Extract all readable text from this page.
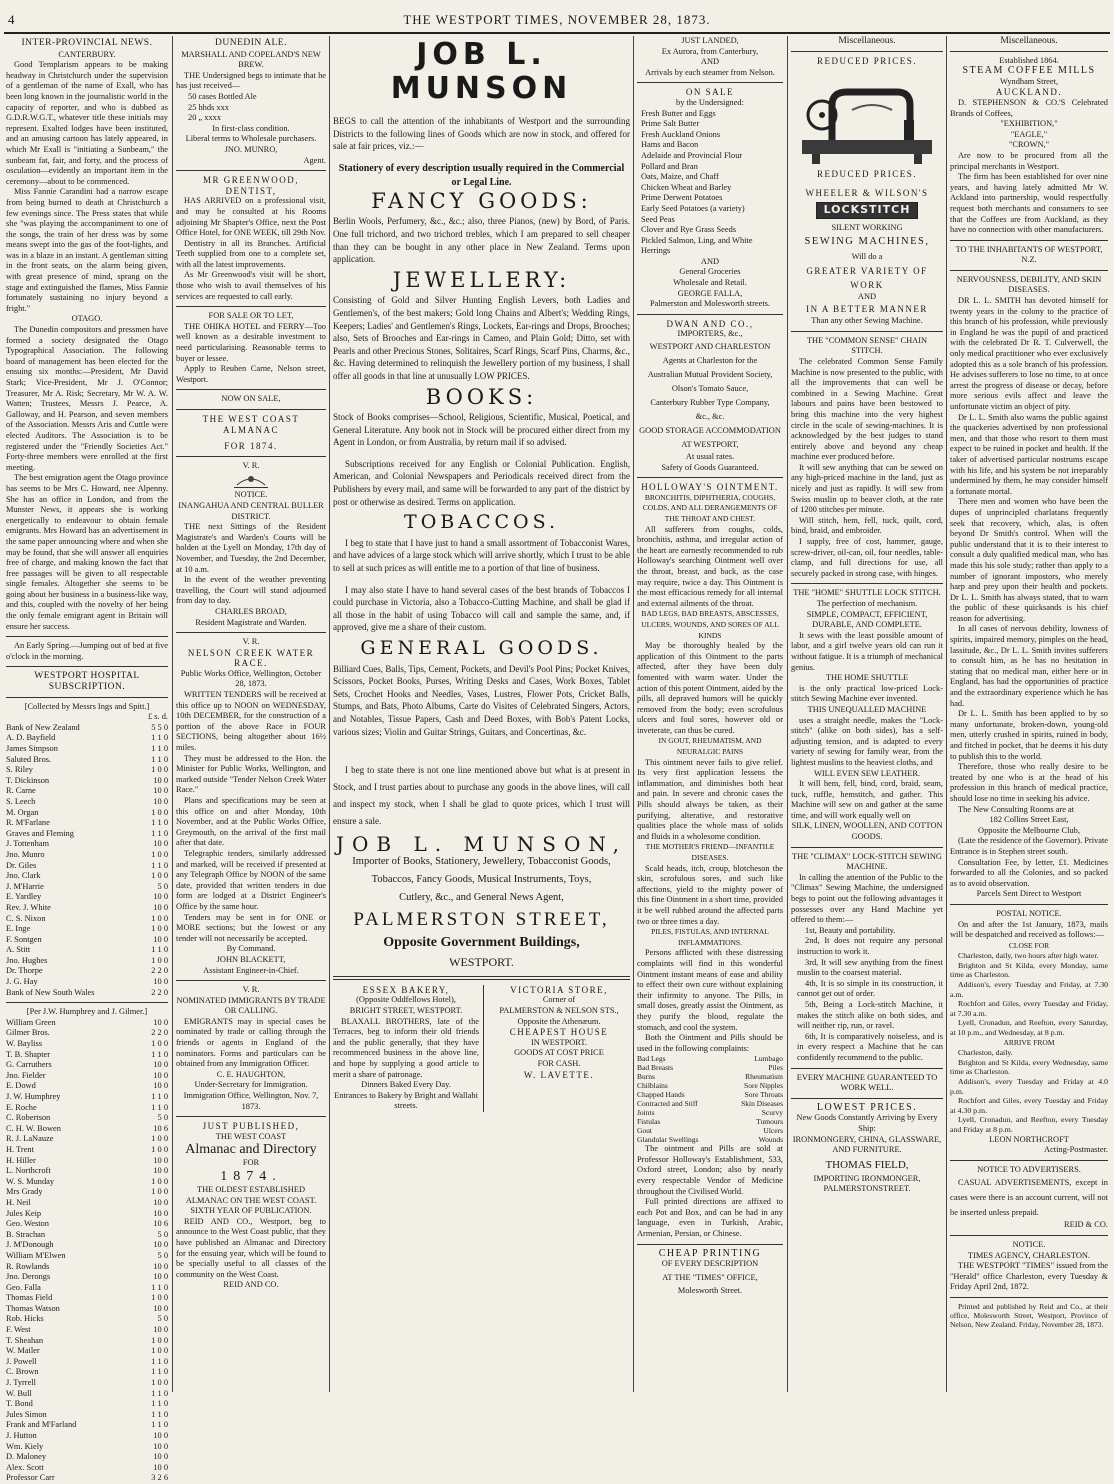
4	THE WESTPORT TIMES, NOVEMBER 28, 1873.
INTER-PROVINCIAL NEWS.
CANTERBURY.

Good Templarism appears to be making headway in Christchurch under the supervision of a gentleman of the name of Exall, who has been long known in the journalistic world in the capacity of reporter, and who is dubbed as G.D.R.W.G.T., whatever title these initials may represent. Exalted lodges have been instituted, and an amusing cartoon has lately appeared, in which Mr Exall is "initiating a Sunbeam," the sunbeam fat, fair, and forty, and the process of osculation—evidently an important item in the ceremony—about to be commenced.

Miss Fannie Carandini had a narrow escape from being burned to death at Christchurch a few evenings since. The Press states that while she "was playing the accompaniment to one of the songs, the train of her dress was by some means swept into the gas of the foot-lights, and was in a blaze in an instant. A gentleman sitting in the front seats, on the alarm being given, with great presence of mind, sprang on the stage and extinguished the flames, Miss Fannie fortunately sustaining no injury beyond a fright."

OTAGO.

The Dunedin compositors and pressmen have formed a society designated the Otago Typographical Association. The following board of management has been elected for the ensuing six months:—President, Mr David Stark; Vice-President, Mr J. O'Connor; Treasurer, Mr A. Risk; Secretary, Mr W. A. W. Watten; Trustees, Messrs J. Pearce, A. Galloway, and H. Pearson, and seven members of the Association. Messrs Aris and Cuttle were elected Auditors. The Association is to be registered under the "Friendly Societies Act." Forty-three members were enrolled at the first meeting.

The best emigration agent the Otago province has seems to be Mrs C. Howard, nee Alpenny. She has an office in London, and from the Munster News, it appears she is working energetically to endeavour to obtain female emigrants. Mrs Howard has an advertisement in the same paper announcing where and when she may be found, that she will answer all enquiries free of charge, and making known the fact that free passages will be given to all respectable single females. Altogether she seems to be going about her business in a business-like way, and this, coupled with the novelty of her being the only female emigrant agent in Britain will ensure her success.

An Early Spring.—Jumping out of bed at five o'clock in the morning.

WESTPORT HOSPITAL SUBSCRIPTION.
[Collected by Messrs Ings and Spitt.]
£ s. d.
Bank of New Zealand	5 5 0
A. D. Bayfield	1 1 0
James Simpson	1 1 0
Saluted Bros.	1 1 0
S. Riley	1 0 0
T. Dickinson	10 0
R. Carne	10 0
S. Leech	10 0
M. Organ	1 0 0
R. M'Farlane	1 1 0
Graves and Fleming	1 1 0
J. Tottenham	10 0
Jno. Munro	1 0 0
Dr. Giles	1 1 0
Jno. Clark	1 0 0
J. M'Harrie	5 0
E. Yardley	10 0
Rev. J. White	10 0
C. S. Nixon	1 0 0
E. Inge	1 0 0
F. Sontgen	10 0
A. Stitt	1 1 0
Jno. Hughes	1 0 0
Dr. Thorpe	2 2 0
J. G. Hay	10 0
Bank of New South Wales	2 2 0
[Per J.W. Humphrey and J. Gilmer.]
William Green	10 0
Gilmer Bros.	2 2 0
W. Bayliss	1 0 0
T. B. Shapter	1 1 0
G. Carruthers	10 0
Jno. Fielder	10 0
E. Dowd	10 0
J. W. Humphrey	1 1 0
E. Roche	1 1 0
C. Robertson	5 0
C. H. W. Bowen	10 6
R. J. LaNauze	1 0 0
H. Trent	1 0 0
H. Hiller	10 0
L. Northcroft	10 0
W. S. Munday	1 0 0
Mrs Grady	1 0 0
H. Neil	10 0
Jules Keip	10 0
Geo. Weston	10 6
B. Strachan	5 0
J. M'Donough	10 0
William M'Elwen	5 0
R. Rowlands	10 0
Jno. Derongs	10 0
Geo. Falla	1 1 0
Thomas Field	1 0 0
Thomas Watson	10 0
Rob. Hicks	5 0
F. West	10 0
T. Sheahan	1 0 0
W. Mailer	1 0 0
J. Powell	1 1 0
C. Brown	1 1 0
J. Tyrrell	1 0 0
W. Bull	1 1 0
T. Bond	1 1 0
Jules Simon	1 1 0
Frank and M'Farland	1 1 0
J. Hutton	10 0
Wm. Kiely	10 0
D. Maloney	10 0
Alex. Scott	10 0
Professor Carr	3 2 6
DUNEDIN ALE.
MARSHALL AND COPELAND'S NEW BREW.

THE Undersigned begs to intimate that he has just received—

50 cases Bottled Ale
25 hhds xxx
20 „ xxxx
In first-class condition.
Liberal terms to Wholesale purchasers.
JNO. MUNRO,
Agent.
MR GREENWOOD, DENTIST,

HAS ARRIVED on a professional visit, and may be consulted at his Rooms adjoining Mr Shapter's Office, next the Post Office Hotel, for ONE WEEK, till 29th Nov.

Dentistry in all its Branches. Artificial Teeth supplied from one to a complete set, with all the latest improvements.

As Mr Greenwood's visit will be short, those who wish to avail themselves of his services are requested to call early.

FOR SALE OR TO LET,

THE OHIKA HOTEL and FERRY—Too well known as a desirable investment to need particularising. Reasonable terms to buyer or lessee.

Apply to Reuben Carne, Nelson street, Westport.

NOW ON SALE,
THE WEST COAST ALMANAC
FOR 1874.
V. R.
NOTICE.
INANGAHUA AND CENTRAL BULLER DISTRICT.

THE next Sittings of the Resident Magistrate's and Warden's Courts will be holden at the Lyell on Monday, 17th day of November, and Tuesday, the 2nd December, at 10 a.m.

In the event of the weather preventing travelling, the Court will stand adjourned from day to day.

CHARLES BROAD,
Resident Magistrate and Warden.
V. R.
NELSON CREEK WATER RACE.
Public Works Office, Wellington, October 28, 1873.

WRITTEN TENDERS will be received at this office up to NOON on WEDNESDAY, 10th DECEMBER, for the construction of a portion of the above Race in FOUR SECTIONS, being altogether about 16½ miles.

They must be addressed to the Hon. the Minister for Public Works, Wellington, and marked outside "Tender Nelson Creek Water Race."

Plans and specifications may be seen at this office on and after Monday, 10th November, and at the Public Works Office, Greymouth, on the arrival of the first mail after that date.

Telegraphic tenders, similarly addressed and marked, will be received if presented at any Telegraph Office by NOON of the same date, provided that written tenders in due form are lodged at a District Engineer's Office by the same hour.

Tenders may be sent in for ONE or MORE sections; but the lowest or any tender will not necessarily be accepted.

By Command.
JOHN BLACKETT,
Assistant Engineer-in-Chief.
V. R.
NOMINATED IMMIGRANTS BY TRADE OR CALLING.

EMIGRANTS may in special cases be nominated by trade or calling through the friends or agents in England of the nominators. Forms and particulars can be obtained from any Immigration Officer.

C. E. HAUGHTON,
Under-Secretary for Immigration.
Immigration Office, Wellington, Nov. 7, 1873.
JUST PUBLISHED,
THE WEST COAST
Almanac and Directory
FOR
1874.
THE OLDEST ESTABLISHED ALMANAC ON THE WEST COAST.
SIXTH YEAR OF PUBLICATION.

REID AND CO., Westport, beg to announce to the West Coast public, that they have published an Almanac and Directory for the ensuing year, which will be found to be specially useful to all classes of the community on the West Coast.

REID AND CO.
JOB L. MUNSON

BEGS to call the attention of the inhabitants of Westport and the surrounding Districts to the following lines of Goods which are now in stock, and offered for sale at fair prices, viz.:—

Stationery of every description usually required in the Commercial or Legal Line.
FANCY GOODS:

Berlin Wools, Perfumery, &c., &c.; also, three Pianos, (new) by Bord, of Paris. One full trichord, and two trichord trebles, which I am prepared to sell cheaper than they can be bought in any other place in New Zealand. Terms upon application.

JEWELLERY:

Consisting of Gold and Silver Hunting English Levers, both Ladies and Gentlemen's, of the best makers; Gold long Chains and Albert's; Wedding Rings, Keepers; Ladies' and Gentlemen's Rings, Lockets, Ear-rings and Drops, Brooches; also, Sets of Brooches and Ear-rings in Cameo, and Plain Gold; Ditto, set with Pearls and other Precious Stones, Solitaires, Scarf Rings, Scarf Pins, Charms, &c., &c. Having determined to relinquish the Jewellery portion of my business, I shall offer all goods in that line at unusually LOW PRICES.

BOOKS:

Stock of Books comprises—School, Religious, Scientific, Musical, Poetical, and General Literature. Any book not in Stock will be procured either direct from my Agent in London, or from Australia, by return mail if so advised.

Subscriptions received for any English or Colonial Publication. English, American, and Colonial Newspapers and Periodicals received direct from the Publishers by every mail, and same will be forwarded to any part of the district by post or otherwise as desired. Terms on application.

TOBACCOS.

I beg to state that I have just to hand a small assortment of Tobacconist Wares, and have advices of a large stock which will arrive shortly, which I trust to be able to sell at such prices as will entitle me to a portion of that line of business.

I may also state I have to hand several cases of the best brands of Tobaccos I could purchase in Victoria, also a Tobacco-Cutting Machine, and shall be glad if all those in the habit of using Tobacco will call and sample the same, and, if approved, give me a share of their custom.

GENERAL GOODS.

Billiard Cues, Balls, Tips, Cement, Pockets, and Devil's Pool Pins; Pocket Knives, Scissors, Pocket Books, Purses, Writing Desks and Cases, Work Boxes, Tablet Sets, Crochet Hooks and Needles, Vases, Lustres, Flower Pots, Cricket Balls, Stumps, and Bats, Photo Albums, Carte do Visites of Celebrated Singers, Actors, and Notables, Tissue Papers, Cash and Deed Boxes, with Bob's Patent Locks, various sizes; Violin and Guitar Strings, Guitars, and Concertinas, &c.

I beg to state there is not one line mentioned above but what is at present in Stock, and I trust parties about to purchase any goods in the above lines, will call and inspect my stock, when I shall be glad to quote prices, which I trust will ensure a sale.

JOB L. MUNSON,
Importer of Books, Stationery, Jewellery, Tobacconist Goods,
Tobaccos, Fancy Goods, Musical Instruments, Toys,
Cutlery, &c., and General News Agent,
PALMERSTON STREET,
Opposite Government Buildings,
WESTPORT.
ESSEX BAKERY,
(Opposite Oddfellows Hotel),
BRIGHT STREET, WESTPORT.

BLAXALL BROTHERS, late of the Terraces, beg to inform their old friends and the public generally, that they have recommenced business in the above line, and hope by supplying a good article to merit a share of patronage.

Dinners Baked Every Day.
Entrances to Bakery by Bright and Wallabi streets.
VICTORIA STORE,
Corner of
PALMERSTON & NELSON STS.,
Opposite the Athenæum.
CHEAPEST HOUSE
IN WESTPORT.
GOODS AT COST PRICE
FOR CASH.
W. LAVETTE.
JUST LANDED,
Ex Aurora, from Canterbury,
AND
Arrivals by each steamer from Nelson.
ON SALE
by the Undersigned:
Fresh Butter and Eggs
Prime Salt Butter
Fresh Auckland Onions
Hams and Bacon
Adelaide and Provincial Flour
Pollard and Bran
Oats, Maize, and Chaff
Chicken Wheat and Barley
Prime Derwent Potatoes
Early Seed Potatoes (a variety)
Seed Peas
Clover and Rye Grass Seeds
Pickled Salmon, Ling, and White Herrings
AND
General Groceries
Wholesale and Retail.
GEORGE FALLA,
Palmerston and Molesworth streets.
DWAN AND CO.,
IMPORTERS, &c.,
WESTPORT AND CHARLESTON
Agents at Charleston for the
Australian Mutual Provident Society,
Olson's Tomato Sauce,
Canterbury Rubber Type Company,
&c., &c.
GOOD STORAGE ACCOMMODATION AT WESTPORT,
At usual rates.
Safety of Goods Guaranteed.
HOLLOWAY'S OINTMENT.
BRONCHITIS, DIPHTHERIA, COUGHS, COLDS, AND ALL DERANGEMENTS OF THE THROAT AND CHEST.

All sufferers from coughs, colds, bronchitis, asthma, and irregular action of the heart are earnestly recommended to rub Holloway's searching Ointment well over the throat, breast, and back, as the case may require, twice a day. This Ointment is the most efficacious remedy for all internal and external ailments of the throat.

BAD LEGS, BAD BREASTS, ABSCESSES, ULCERS, WOUNDS, AND SORES OF ALL KINDS

May be thoroughly healed by the application of this Ointment to the parts affected, after they have been duly fomented with warm water. Under the action of this potent Ointment, aided by the pills, all depraved humors will be quickly removed from the body; even scrofulous ulcers and foul sores, however old or inveterate, can thus be cured.

IN GOUT, RHEUMATISM, AND NEURALGIC PAINS

This ointment never fails to give relief. Its very first application lessens the inflammation, and diminishes both heat and pain. In severe and chronic cases the Pills should always be taken, as their purifying, alterative, and restorative qualities place the whole mass of solids and fluids in a wholesome condition.

THE MOTHER'S FRIEND—INFANTILE DISEASES.

Scald heads, itch, croup, blotcheson the skin, scrofulous sores, and such like affections, yield to the mighty power of this fine Ointment in a short time, provided it be well rubbed around the affected parts two or three times a day.

PILES, FISTULAS, AND INTERNAL INFLAMMATIONS.

Persons afflicted with these distressing complaints will find in this wonderful Ointment instant means of ease and ability to effect their own cure without explaining their infirmity to anyone. The Pills, in small doses, greatly assist the Ointment, as they purify the blood, regulate the stomach, and cool the system.

Both the Ointment and Pills should be used in the following complaints:

Bad Legs	Lumbago
Bad Breasts	Piles
Burns	Rheumatism
Chilblains	Sore Nipples
Chapped Hands	Sore Throats
Contracted and Stiff	Skin Diseases
Joints	Scurvy
Fistulas	Tumours
Gout	Ulcers
Glandular Swellings	Wounds

The ointment and Pills are sold at Professor Holloway's Establishment, 533, Oxford street, London; also by nearly every respectable Vendor of Medicine throughout the Civilised World.

Full printed directions are affixed to each Pot and Box, and can be had in any language, even in Turkish, Arabic, Armenian, Persian, or Chinese.

CHEAP PRINTING
OF EVERY DESCRIPTION
AT THE "TIMES" OFFICE,
Molesworth Street.
Miscellaneous.
REDUCED PRICES.
REDUCED PRICES.
WHEELER & WILSON'S
LOCKSTITCH
SILENT WORKING
SEWING MACHINES,
Will do a
GREATER VARIETY OF WORK
AND
IN A BETTER MANNER
Than any other Sewing Machine.
THE "COMMON SENSE" CHAIN STITCH.

The celebrated Common Sense Family Machine is now presented to the public, with all the improvements that can well be combined in a Sewing Machine. Great labours and pains have been bestowed to bring this machine into the very highest circle in the scale of sewing-machines. It is acknowledged by the best judges to stand entirely above and beyond any cheap machine ever produced before.

It will sew anything that can be sewed on any high-priced machine in the land, just as nicely and just as rapidly. It will sew from Swiss muslin up to beaver cloth, at the rate of 1200 stitches per minute.

Will stitch, hem, fell, tuck, quilt, cord, bind, braid, and embroider.

I supply, free of cost, hammer, gauge, screw-driver, oil-can, oil, four needles, table-clamp, and full directions for use, all securely packed in strong case, with hinges.

THE "HOME" SHUTTLE LOCK STITCH.
The perfection of mechanism.
SIMPLE, COMPACT, EFFICIENT, DURABLE, AND COMPLETE.

It sews with the least possible amount of labor, and a girl twelve years old can run it without fatigue. It is a triumph of mechanical genius.

THE HOME SHUTTLE

is the only practical low-priced Lock-stitch Sewing Machine ever invented.

THIS UNEQUALLED MACHINE

uses a straight needle, makes the "Lock-stitch" (alike on both sides), has a self-adjusting tension, and is adapted to every variety of sewing for family wear, from the lightest muslins to the heaviest cloths, and

WILL EVEN SEW LEATHER.

It will hem, fell, bind, cord, braid, seam, tuck, ruffle, hemstitch, and gather. This Machine will sew on and gather at the same time, and will work equally well on

SILK, LINEN, WOOLLEN, AND COTTON GOODS.
THE "CLIMAX" LOCK-STITCH SEWING MACHINE.

In calling the attention of the Public to the "Climax" Sewing Machine, the undersigned begs to point out the following advantages it possesses over any Hand Machine yet offered to them:—

1st, Beauty and portability.
2nd, It does not require any personal instruction to work it.
3rd, It will sew anything from the finest muslin to the coarsest material.
4th, It is so simple in its construction, it cannot get out of order.
5th, Being a Lock-stitch Machine, it makes the stitch alike on both sides, and will neither rip, run, or ravel.
6th, It is comparatively noiseless, and is in every respect a Machine that he can confidently recommend to the public.
EVERY MACHINE GUARANTEED TO WORK WELL.
LOWEST PRICES.
New Goods Constantly Arriving by Every Ship:
IRONMONGERY, CHINA, GLASSWARE, AND FURNITURE.
THOMAS FIELD,
IMPORTING IRONMONGER,
PALMERSTONSTREET.
Miscellaneous.
Established 1864.
STEAM COFFEE MILLS
Wyndham Street,
AUCKLAND.

D. STEPHENSON & CO.'S Celebrated Brands of Coffees,

"EXHIBITION,"
"EAGLE,"
"CROWN,"

Are now to be procured from all the principal merchants in Westport.

The firm has been established for over nine years, and having lately admitted Mr W. Ackland into partnership, would respectfully request both merchants and consumers to see that the Coffees are from Auckland, as they have no connection with other manufacturers.

TO THE INHABITANTS OF WESTPORT, N.Z.
NERVOUSNESS, DEBILITY, AND SKIN DISEASES.

DR L. L. SMITH has devoted himself for twenty years in the colony to the practice of this branch of his profession, while previously in England he was the pupil of and practiced with the celebrated Dr R. T. Culverwell, the only medical practitioner who ever exclusively adopted this as a sole branch of his profession. He advises sufferers to lose no time, to at once arrest the progress of disease or decay, before more serious evils affect and leave the unfortunate victim an object of pity.

Dr L. L. Smith also warns the public against the quackeries advertised by non professional men, and that those who resort to them must expect to be ruined in pocket and health. If the taker of advertised particular nostrums escape with his life, and his system be not irreparably undermined by them, he may consider himself a fortunate mortal.

There men and women who have been the dupes of unprincipled charlatans frequently seek that recovery, which, alas, is often beyond Dr Smith's control. When will the public understand that it is to their interest to consult a duly qualified medical man, who has made this his sole study; rather than apply to a number of ignorant impostors, who merely harp and prey upon their health and pockets. Dr L. L. Smith has always stated, that to warn the public of these quicksands is his chief reason for advertising.

In all cases of nervous debility, lowness of spirits, impaired memory, pimples on the head, lassitude, &c., Dr L. L. Smith invites sufferers to consult him, as he has no hesitation in stating that no medical man, either here or in England, has had the opportunities of practice and the extraordinary experience which he has had.

Dr L. L. Smith has been applied to by so many unfortunate, broken-down, young-old men, utterly crushed in spirits, ruined in body, and fitched in pocket, that he deems it his duty to publish this to the world.

Therefore, those who really desire to be treated by one who is at the head of his profession in this branch of medical practice, should lose no time in seeking his advice.

The New Consulting Rooms are at

182 Collins Street East,
Opposite the Melbourne Club,

(Late the residence of the Governor). Private Entrance is in Stephen street south.

Consultation Fee, by letter, £1. Medicines forwarded to all the Colonies, and so packed as to avoid observation.

Parcels Sent Direct to Westport
POSTAL NOTICE.

On and after the 1st January, 1873, mails will be despatched and received as follows:—

CLOSE FOR
Charleston, daily, two hours after high water.
Brighton and St Kilda, every Monday, same time as Charleston.
Addison's, every Tuesday and Friday, at 7.30 a.m.
Rochfort and Giles, every Tuesday and Friday, at 7.30 a.m.
Lyell, Cronadun, and Reefton, every Saturday, at 10 p.m., and Wednesday, at 8 p.m.
ARRIVE FROM
Charleston, daily.
Brighton and St Kilda, every Wednesday, same time as Charleston.
Addison's, every Tuesday and Friday at 4.0 p.m.
Rochfort and Giles, every Tuesday and Friday at 4.30 p.m.
Lyell, Cronadun, and Reefton, every Tuesday and Friday at 8 p.m.
LEON NORTHCROFT
Acting-Postmaster.
NOTICE TO ADVERTISERS.

CASUAL ADVERTISEMENTS, except in cases were there is an account current, will not be inserted unless prepaid.

REID & CO.
NOTICE.
TIMES AGENCY, CHARLESTON.

THE WESTPORT "TIMES" issued from the "Herald" office Charleston, every Tuesday & Friday April 2nd, 1872.

Printed and published by Reid and Co., at their office, Molesworth Street, Westport, Province of Nelson, New Zealand. Friday, November 28, 1873.
